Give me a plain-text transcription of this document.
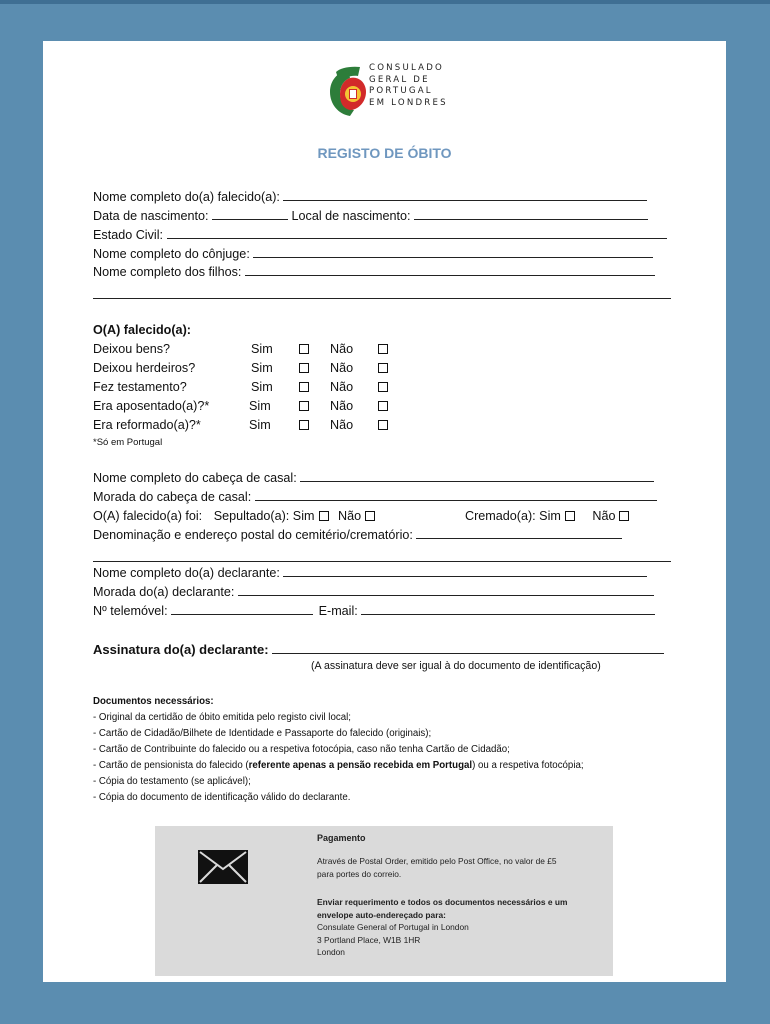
CONSULADO
GERAL DE
PORTUGAL
EM LONDRES
REGISTO DE ÓBITO
Nome completo do(a) falecido(a):
Data de nascimento:	Local de nascimento:
Estado Civil:
Nome completo do cônjuge:
Nome completo dos filhos:
O(A) falecido(a):
Deixou bens?	Sim	Não
Deixou herdeiros?	Sim	Não
Fez testamento?	Sim	Não
Era aposentado(a)?*	Sim	Não
Era reformado(a)?*	Sim	Não
*Só em Portugal
Nome completo do cabeça de casal:
Morada do cabeça de casal:
O(A) falecido(a) foi: Sepultado(a): Sim Não	Cremado(a): Sim	Não
Denominação e endereço postal do cemitério/crematório:
Nome completo do(a) declarante:
Morada do(a) declarante:
Nº telemóvel:	E-mail:
Assinatura do(a) declarante:
(A assinatura deve ser igual à do documento de identificação)
Documentos necessários:
- Original da certidão de óbito emitida pelo registo civil local;
- Cartão de Cidadão/Bilhete de Identidade e Passaporte do falecido (originais);
- Cartão de Contribuinte do falecido ou a respetiva fotocópia, caso não tenha Cartão de Cidadão;
- Cartão de pensionista do falecido (referente apenas a pensão recebida em Portugal) ou a respetiva fotocópia;
- Cópia do testamento (se aplicável);
- Cópia do documento de identificação válido do declarante.
Pagamento
Através de Postal Order, emitido pelo Post Office, no valor de £5
para portes do correio.
Enviar requerimento e todos os documentos necessários e um
envelope auto-endereçado para:
Consulate General of Portugal in London
3 Portland Place, W1B 1HR
London
